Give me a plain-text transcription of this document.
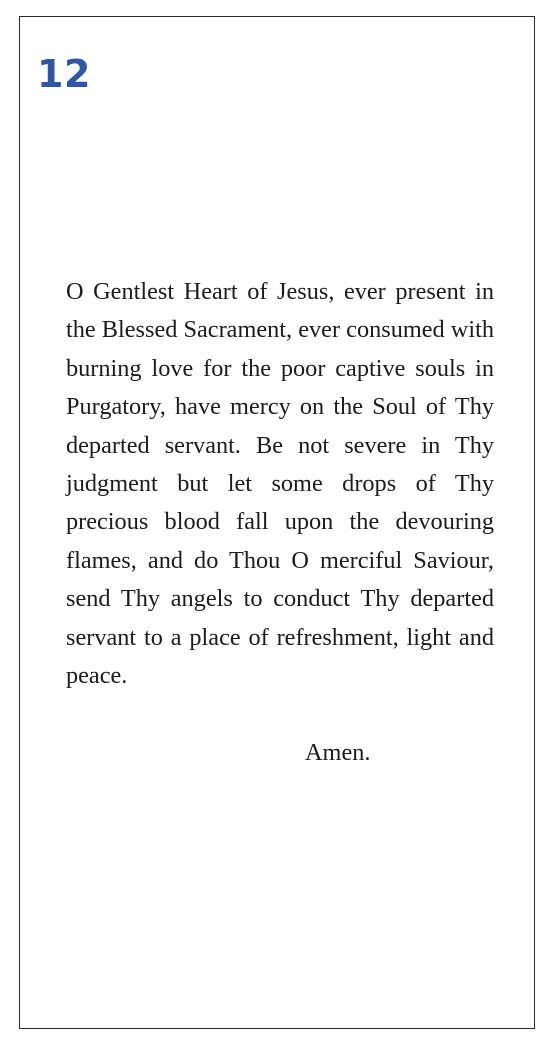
12

O Gentlest Heart of Jesus, ever present in the Blessed Sacrament, ever consumed with burning love for the poor captive souls in Purgatory, have mercy on the Soul of Thy departed servant. Be not severe in Thy judgment but let some drops of Thy precious blood fall upon the devouring flames, and do Thou O merciful Saviour, send Thy angels to conduct Thy departed servant to a place of refreshment, light and peace.

Amen.
